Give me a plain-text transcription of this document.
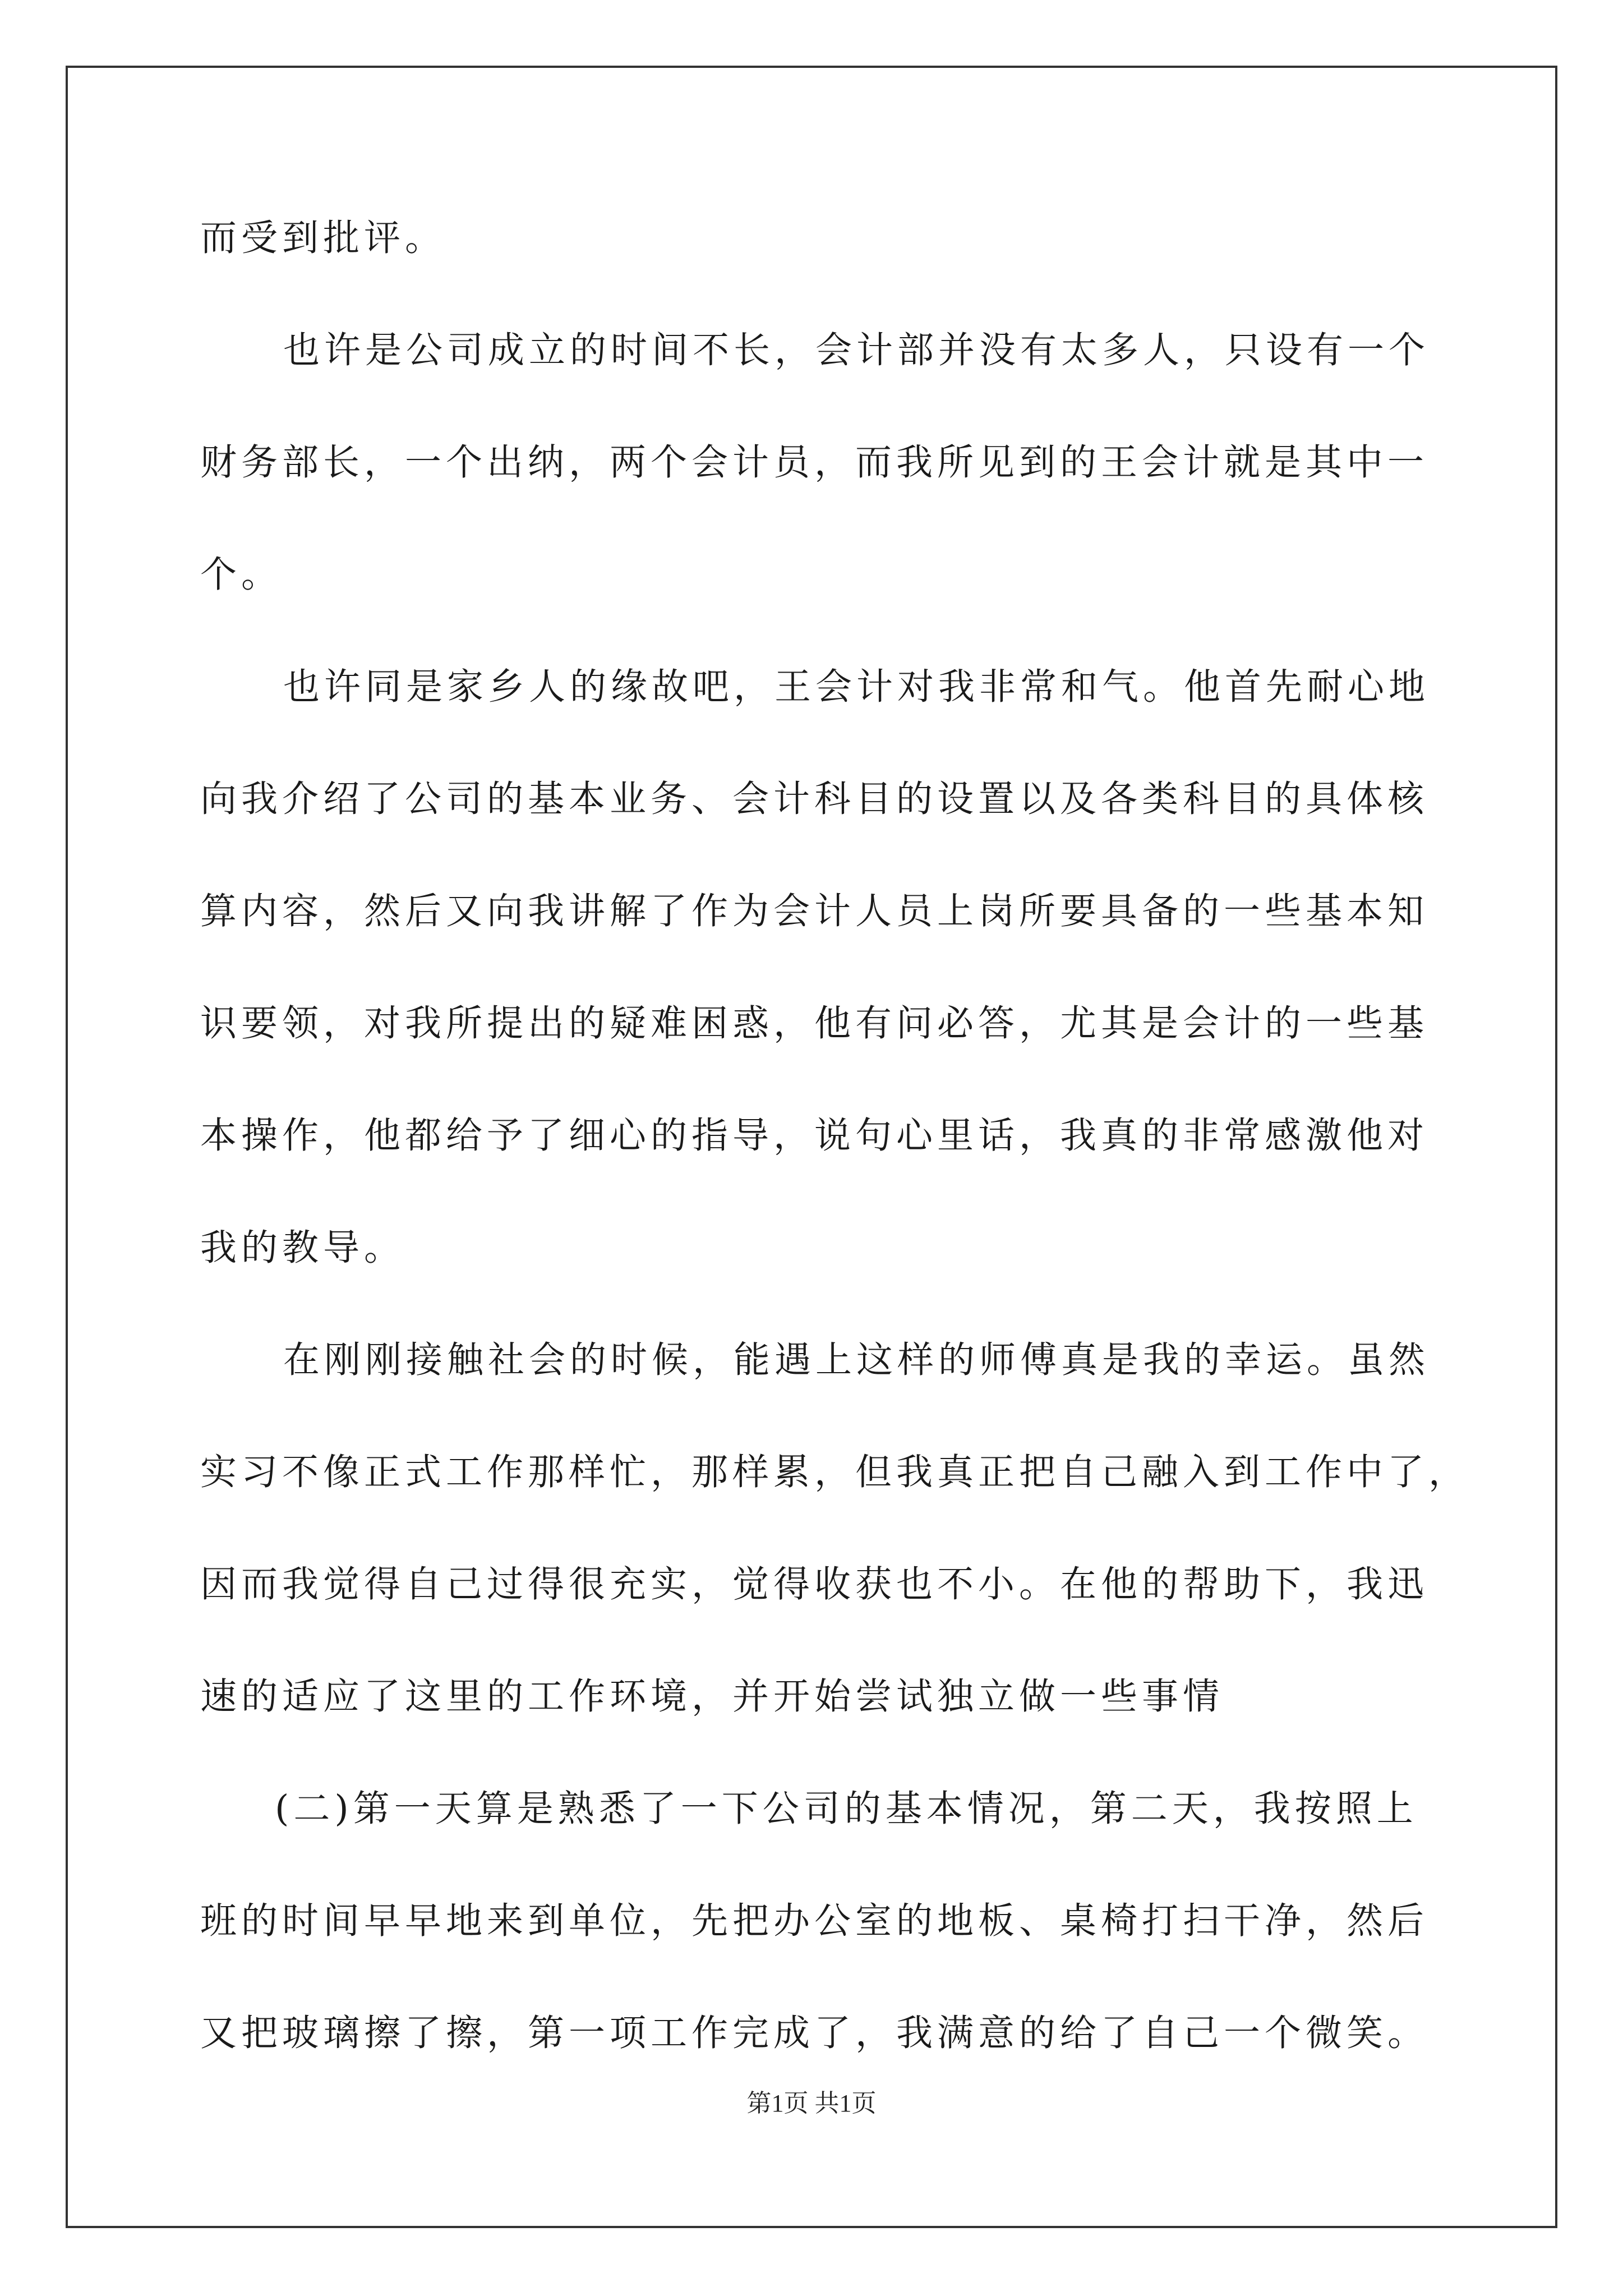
而受到批评。
也许是公司成立的时间不长，会计部并没有太多人，只设有一个
财务部长，一个出纳，两个会计员，而我所见到的王会计就是其中一
个。
也许同是家乡人的缘故吧，王会计对我非常和气。他首先耐心地
向我介绍了公司的基本业务、会计科目的设置以及各类科目的具体核
算内容，然后又向我讲解了作为会计人员上岗所要具备的一些基本知
识要领，对我所提出的疑难困惑，他有问必答，尤其是会计的一些基
本操作，他都给予了细心的指导，说句心里话，我真的非常感激他对
我的教导。
在刚刚接触社会的时候，能遇上这样的师傅真是我的幸运。虽然
实习不像正式工作那样忙，那样累，但我真正把自己融入到工作中了，
因而我觉得自己过得很充实，觉得收获也不小。在他的帮助下，我迅
速的适应了这里的工作环境，并开始尝试独立做一些事情
(二)第一天算是熟悉了一下公司的基本情况，第二天，我按照上
班的时间早早地来到单位，先把办公室的地板、桌椅打扫干净，然后
又把玻璃擦了擦，第一项工作完成了，我满意的给了自己一个微笑。
第1页 共1页
